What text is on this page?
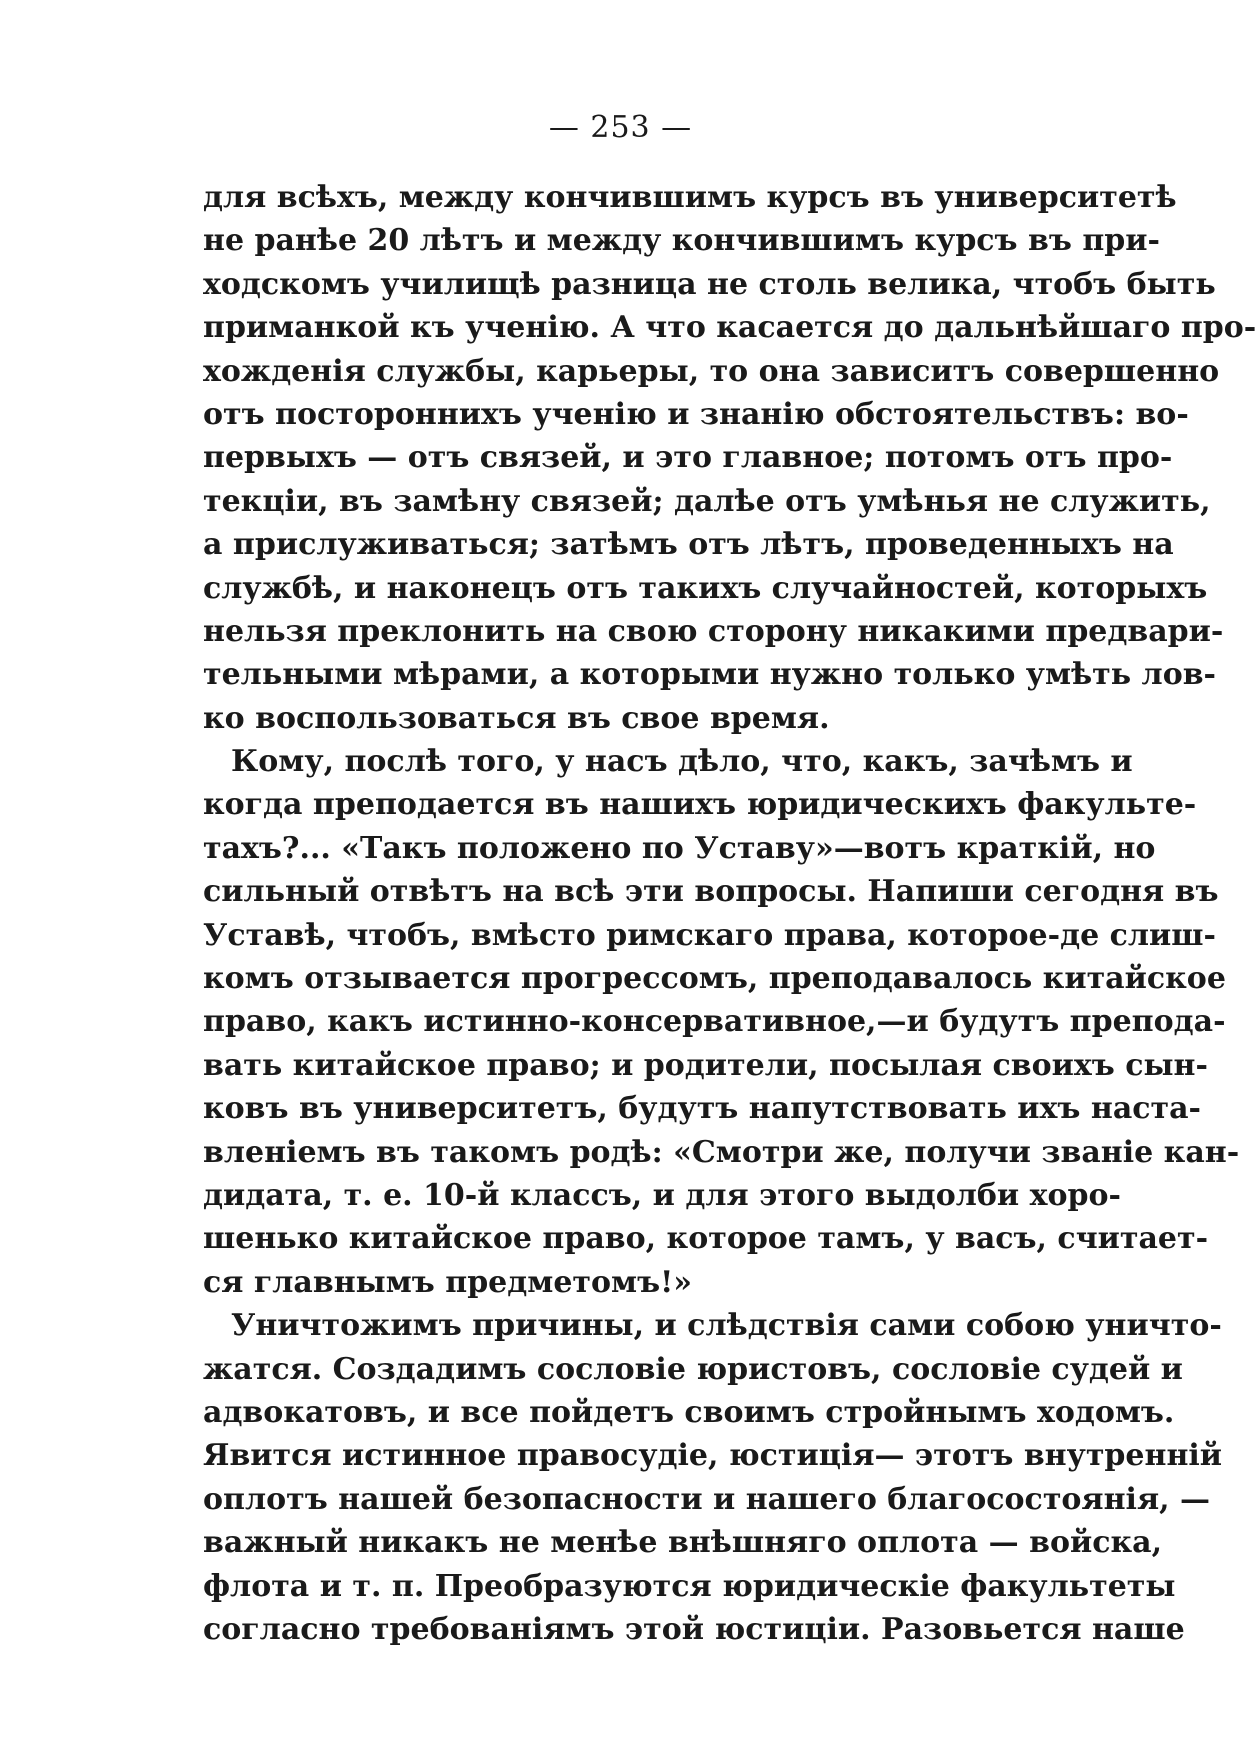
— 253 —
для всѣхъ, между кончившимъ курсъ въ университетѣ
не ранѣе 20 лѣтъ и между кончившимъ курсъ въ при-
ходскомъ училищѣ разница не столь велика, чтобъ быть
приманкой къ ученію. А что касается до дальнѣйшаго про-
хожденія службы, карьеры, то она зависитъ совершенно
отъ постороннихъ ученію и знанію обстоятельствъ: во-
первыхъ — отъ связей, и это главное; потомъ отъ про-
текціи, въ замѣну связей; далѣе отъ умѣнья не служить,
а прислуживаться; затѣмъ отъ лѣтъ, проведенныхъ на
службѣ, и наконецъ отъ такихъ случайностей, которыхъ
нельзя преклонить на свою сторону никакими предвари-
тельными мѣрами, а которыми нужно только умѣть лов-
ко воспользоваться въ свое время.
Кому, послѣ того, у насъ дѣло, что, какъ, зачѣмъ и
когда преподается въ нашихъ юридическихъ факульте-
тахъ?... «Такъ положено по Уставу»—вотъ краткій, но
сильный отвѣтъ на всѣ эти вопросы. Напиши сегодня въ
Уставѣ, чтобъ, вмѣсто римскаго права, которое-де слиш-
комъ отзывается прогрессомъ, преподавалось китайское
право, какъ истинно-консервативное,—и будутъ препода-
вать китайское право; и родители, посылая своихъ сын-
ковъ въ университетъ, будутъ напутствовать ихъ наста-
вленіемъ въ такомъ родѣ: «Смотри же, получи званіе кан-
дидата, т. е. 10-й классъ, и для этого выдолби хоро-
шенько китайское право, которое тамъ, у васъ, считает-
ся главнымъ предметомъ!»
Уничтожимъ причины, и слѣдствія сами собою уничто-
жатся. Создадимъ сословіе юристовъ, сословіе судей и
адвокатовъ, и все пойдетъ своимъ стройнымъ ходомъ.
Явится истинное правосудіе, юстиція— этотъ внутренній
оплотъ нашей безопасности и нашего благосостоянія, —
важный никакъ не менѣе внѣшняго оплота — войска,
флота и т. п. Преобразуются юридическіе факультеты
согласно требованіямъ этой юстиціи. Разовьется наше
